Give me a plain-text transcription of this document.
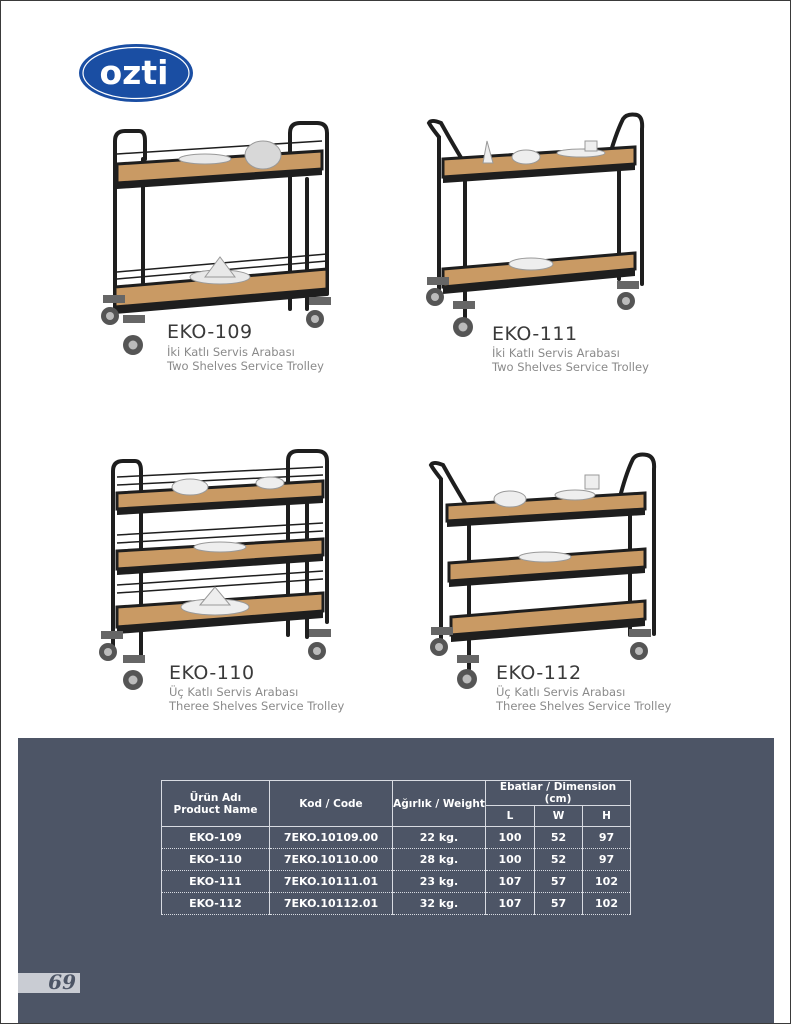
ozti
EKO-109
İki Katlı Servis Arabası
Two Shelves Service Trolley
EKO-111
İki Katlı Servis Arabası
Two Shelves Service Trolley
EKO-110
Üç Katlı Servis Arabası
Theree Shelves Service Trolley
EKO-112
Üç Katlı Servis Arabası
Theree Shelves Service Trolley
Ürün Adı
Product Name	Kod / Code	Ağırlık / Weight	Ebatlar / Dimension (cm)		
			L	W	H
EKO-109	7EKO.10109.00	22 kg.	100	52	97
EKO-110	7EKO.10110.00	28 kg.	100	52	97
EKO-111	7EKO.10111.01	23 kg.	107	57	102
EKO-112	7EKO.10112.01	32 kg.	107	57	102
69
